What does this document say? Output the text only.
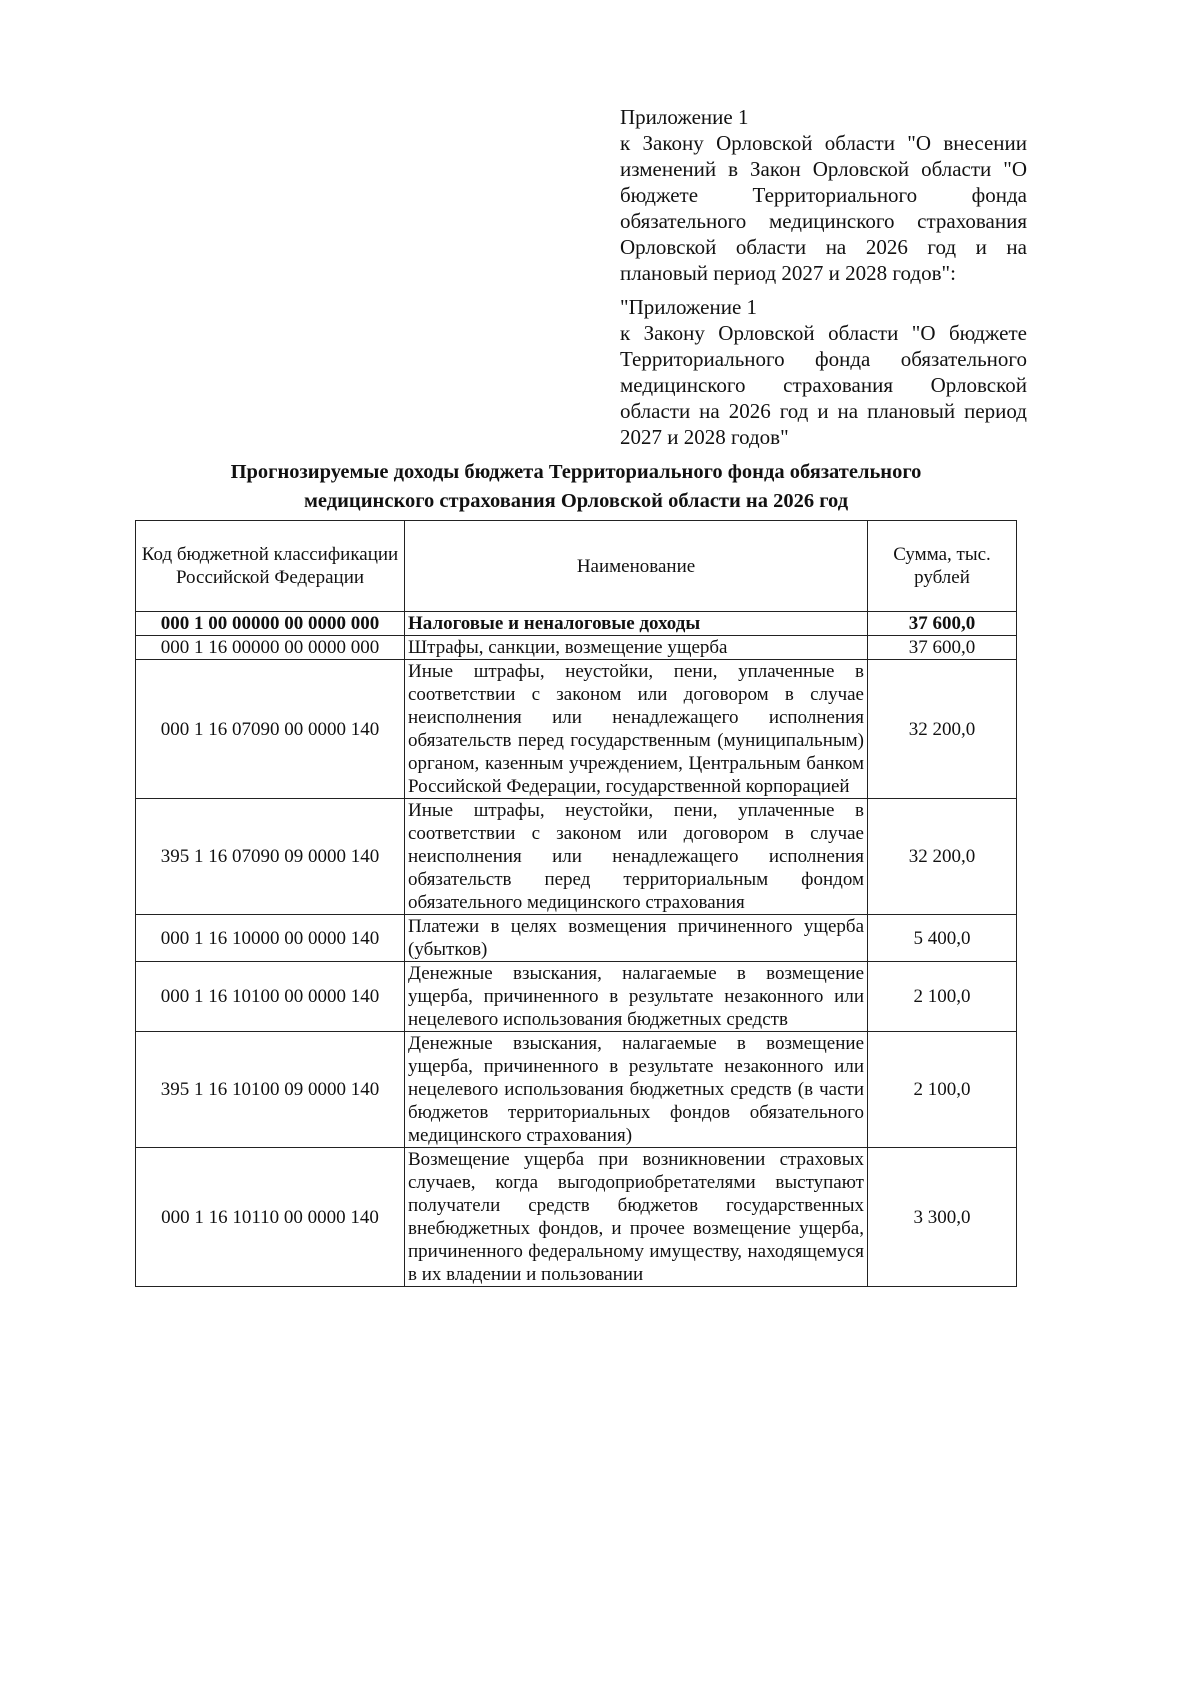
Приложение 1

к Закону Орловской области "О внесении изменений в Закон Орловской области "О бюджете Территориального фонда обязательного медицинского страхования Орловской области на 2026 год и на плановый период 2027 и 2028 годов":

"Приложение 1

к Закону Орловской области "О бюджете Территориального фонда обязательного медицинского страхования Орловской области на 2026 год и на плановый период 2027 и 2028 годов"

Прогнозируемые доходы бюджета Территориального фонда обязательного
медицинского страхования Орловской области на 2026 год
Код бюджетной классификации Российской Федерации	Наименование	Сумма, тыс. рублей
000 1 00 00000 00 0000 000	Налоговые и неналоговые доходы	37 600,0
000 1 16 00000 00 0000 000	Штрафы, санкции, возмещение ущерба	37 600,0
000 1 16 07090 00 0000 140	Иные штрафы, неустойки, пени, уплаченные в соответствии с законом или договором в случае неисполнения или ненадлежащего исполнения обязательств перед государственным (муниципальным) органом, казенным учреждением, Центральным банком Российской Федерации, государственной корпорацией	32 200,0
395 1 16 07090 09 0000 140	Иные штрафы, неустойки, пени, уплаченные в соответствии с законом или договором в случае неисполнения или ненадлежащего исполнения обязательств перед территориальным фондом обязательного медицинского страхования	32 200,0
000 1 16 10000 00 0000 140	Платежи в целях возмещения причиненного ущерба (убытков)	5 400,0
000 1 16 10100 00 0000 140	Денежные взыскания, налагаемые в возмещение ущерба, причиненного в результате незаконного или нецелевого использования бюджетных средств	2 100,0
395 1 16 10100 09 0000 140	Денежные взыскания, налагаемые в возмещение ущерба, причиненного в результате незаконного или нецелевого использования бюджетных средств (в части бюджетов территориальных фондов обязательного медицинского страхования)	2 100,0
000 1 16 10110 00 0000 140	Возмещение ущерба при возникновении страховых случаев, когда выгодоприобретателями выступают получатели средств бюджетов государственных внебюджетных фондов, и прочее возмещение ущерба, причиненного федеральному имуществу, находящемуся в их владении и пользовании	3 300,0
